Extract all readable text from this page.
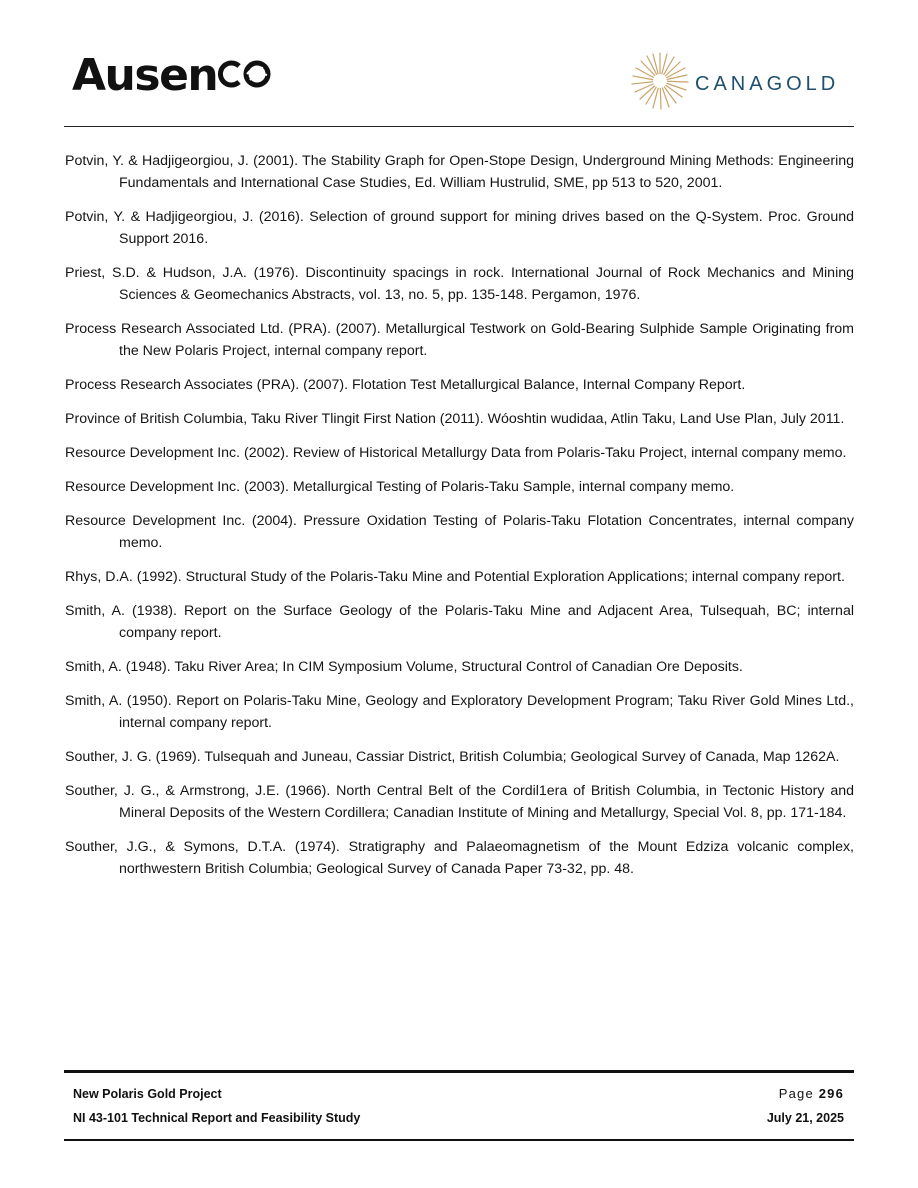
Ausen	CANAGOLD

Potvin, Y. & Hadjigeorgiou, J. (2001). The Stability Graph for Open-Stope Design, Underground Mining Methods: Engineering Fundamentals and International Case Studies, Ed. William Hustrulid, SME, pp 513 to 520, 2001.

Potvin, Y. & Hadjigeorgiou, J. (2016). Selection of ground support for mining drives based on the Q-System. Proc. Ground Support 2016.

Priest, S.D. & Hudson, J.A. (1976). Discontinuity spacings in rock. International Journal of Rock Mechanics and Mining Sciences & Geomechanics Abstracts, vol. 13, no. 5, pp. 135-148. Pergamon, 1976.

Process Research Associated Ltd. (PRA). (2007). Metallurgical Testwork on Gold-Bearing Sulphide Sample Originating from the New Polaris Project, internal company report.

Process Research Associates (PRA). (2007). Flotation Test Metallurgical Balance, Internal Company Report.

Province of British Columbia, Taku River Tlingit First Nation (2011). Wóoshtin wudidaa, Atlin Taku, Land Use Plan, July 2011.

Resource Development Inc. (2002). Review of Historical Metallurgy Data from Polaris-Taku Project, internal company memo.

Resource Development Inc. (2003). Metallurgical Testing of Polaris-Taku Sample, internal company memo.

Resource Development Inc. (2004). Pressure Oxidation Testing of Polaris-Taku Flotation Concentrates, internal company memo.

Rhys, D.A. (1992). Structural Study of the Polaris-Taku Mine and Potential Exploration Applications; internal company report.

Smith, A. (1938). Report on the Surface Geology of the Polaris-Taku Mine and Adjacent Area, Tulsequah, BC; internal company report.

Smith, A. (1948). Taku River Area; In CIM Symposium Volume, Structural Control of Canadian Ore Deposits.

Smith, A. (1950). Report on Polaris-Taku Mine, Geology and Exploratory Development Program; Taku River Gold Mines Ltd., internal company report.

Souther, J. G. (1969). Tulsequah and Juneau, Cassiar District, British Columbia; Geological Survey of Canada, Map 1262A.

Souther, J. G., & Armstrong, J.E. (1966). North Central Belt of the Cordil1era of British Columbia, in Tectonic History and Mineral Deposits of the Western Cordillera; Canadian Institute of Mining and Metallurgy, Special Vol. 8, pp. 171-184.

Souther, J.G., & Symons, D.T.A. (1974). Stratigraphy and Palaeomagnetism of the Mount Edziza volcanic complex, northwestern British Columbia; Geological Survey of Canada Paper 73-32, pp. 48.

New Polaris Gold Project
NI 43-101 Technical Report and Feasibility Study
Page 296
July 21, 2025
